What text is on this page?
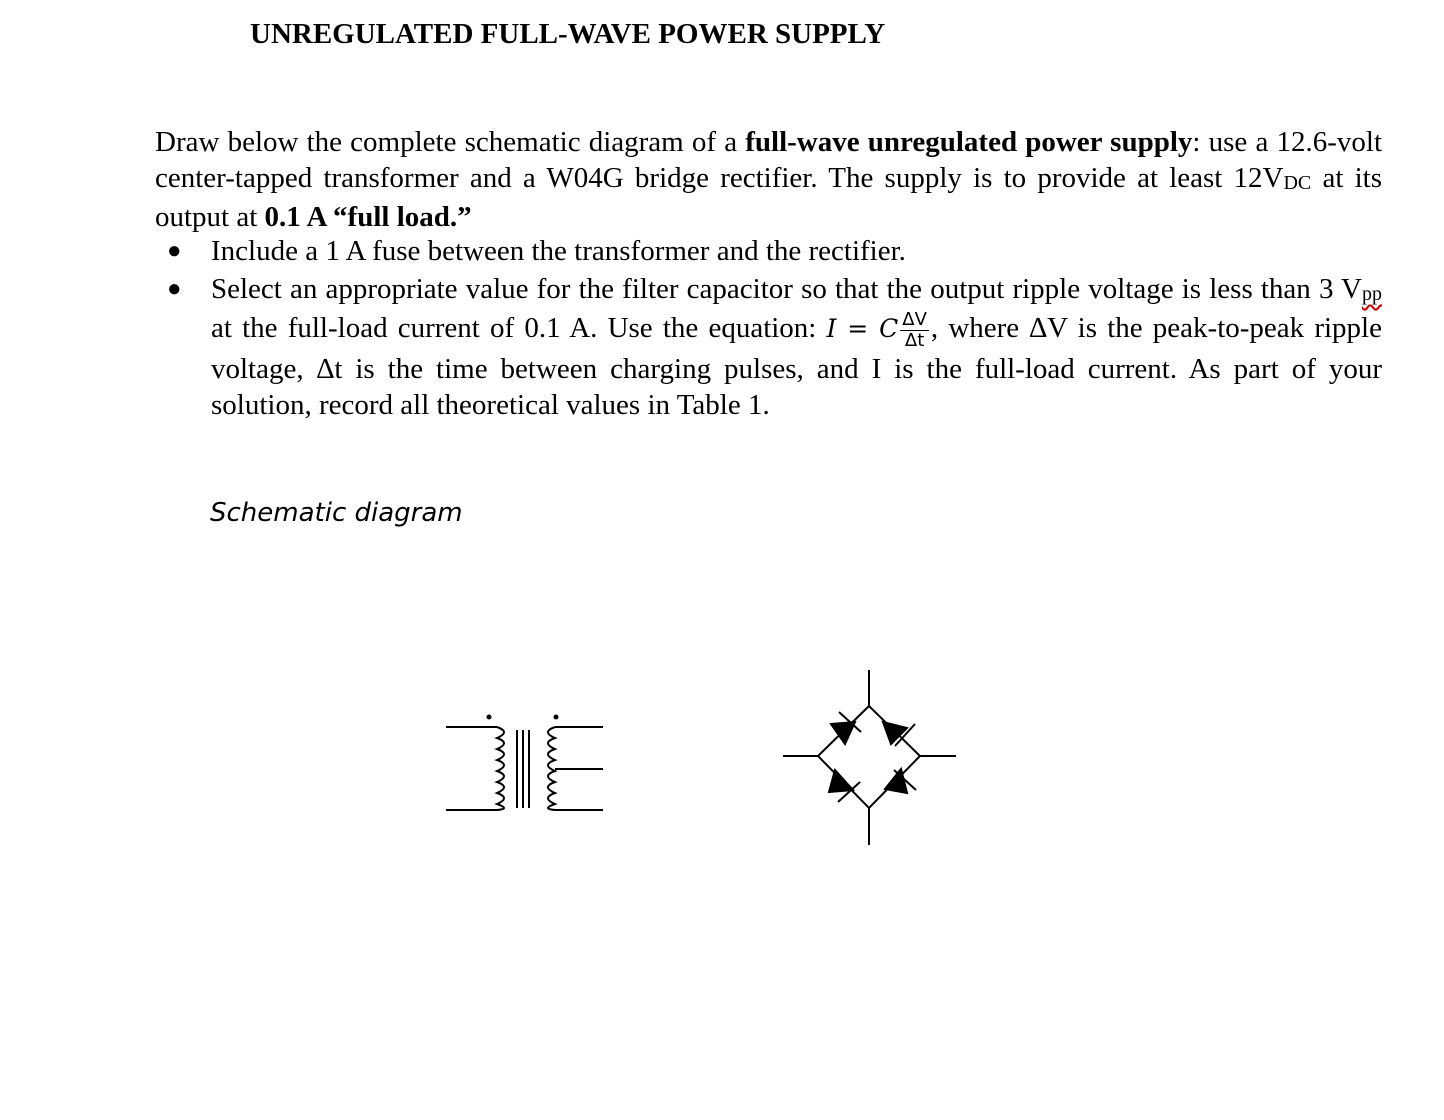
UNREGULATED FULL-WAVE POWER SUPPLY
Draw below the complete schematic diagram of a full-wave unregulated power supply: use a 12.6-volt center-tapped transformer and a W04G bridge rectifier. The supply is to provide at least 12VDC at its output at 0.1 A “full load.”
● Include a 1 A fuse between the transformer and the rectifier.
● Select an appropriate value for the filter capacitor so that the output ripple voltage is less than 3 Vpp at the full-load current of 0.1 A. Use the equation: I = C $\frac{\Delta V}{\Delta t}$ , where ∆V is the peak-to-peak ripple voltage, ∆t is the time between charging pulses, and I is the full-load current. As part of your solution, record all theoretical values in Table 1.
Schematic diagram
